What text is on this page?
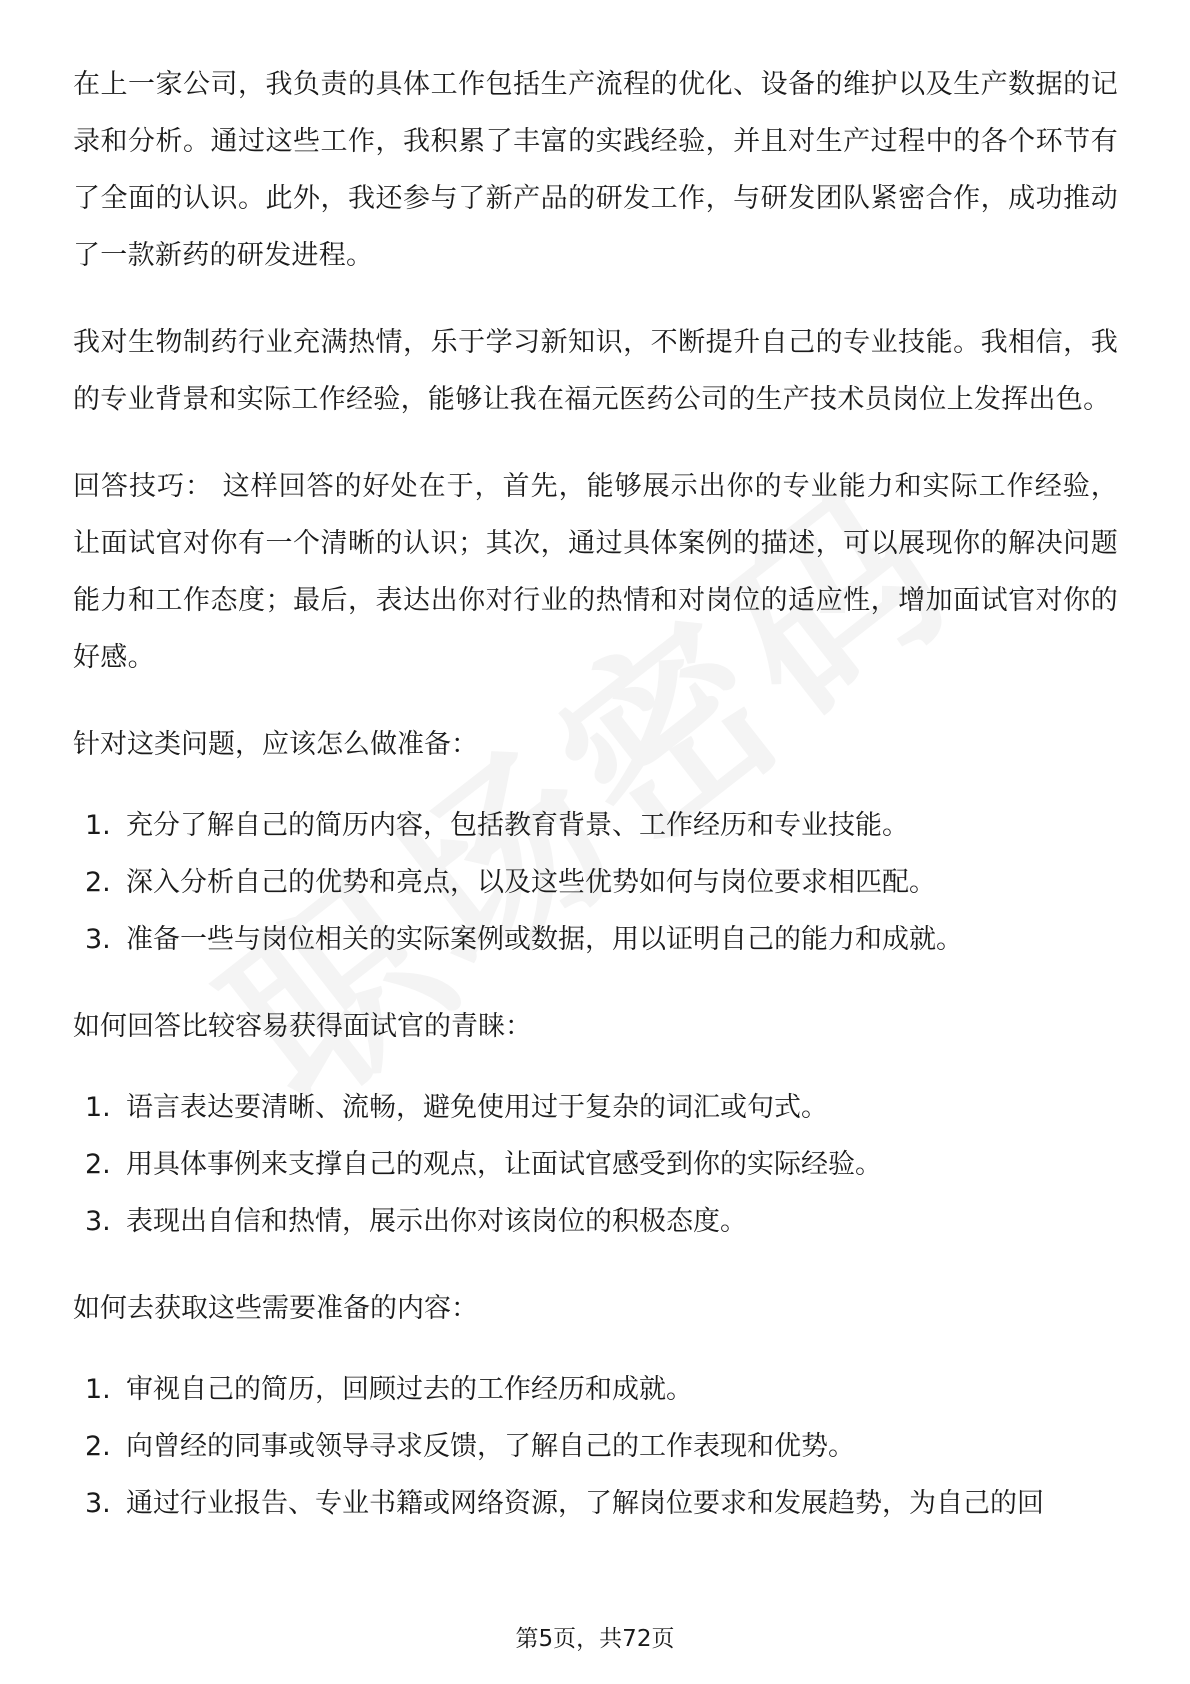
在上一家公司，我负责的具体工作包括生产流程的优化、设备的维护以及生产数据的记录和分析。通过这些工作，我积累了丰富的实践经验，并且对生产过程中的各个环节有了全面的认识。此外，我还参与了新产品的研发工作，与研发团队紧密合作，成功推动了一款新药的研发进程。

我对生物制药行业充满热情，乐于学习新知识，不断提升自己的专业技能。我相信，我的专业背景和实际工作经验，能够让我在福元医药公司的生产技术员岗位上发挥出色。

回答技巧： 这样回答的好处在于，首先，能够展示出你的专业能力和实际工作经验，让面试官对你有一个清晰的认识；其次，通过具体案例的描述，可以展现你的解决问题能力和工作态度；最后，表达出你对行业的热情和对岗位的适应性，增加面试官对你的好感。

针对这类问题，应该怎么做准备：
1. 充分了解自己的简历内容，包括教育背景、工作经历和专业技能。
2. 深入分析自己的优势和亮点，以及这些优势如何与岗位要求相匹配。
3. 准备一些与岗位相关的实际案例或数据，用以证明自己的能力和成就。
如何回答比较容易获得面试官的青睐：
1. 语言表达要清晰、流畅，避免使用过于复杂的词汇或句式。
2. 用具体事例来支撑自己的观点，让面试官感受到你的实际经验。
3. 表现出自信和热情，展示出你对该岗位的积极态度。
如何去获取这些需要准备的内容：
1. 审视自己的简历，回顾过去的工作经历和成就。
2. 向曾经的同事或领导寻求反馈，了解自己的工作表现和优势。
3. 通过行业报告、专业书籍或网络资源，了解岗位要求和发展趋势，为自己的回
第5页，共72页
